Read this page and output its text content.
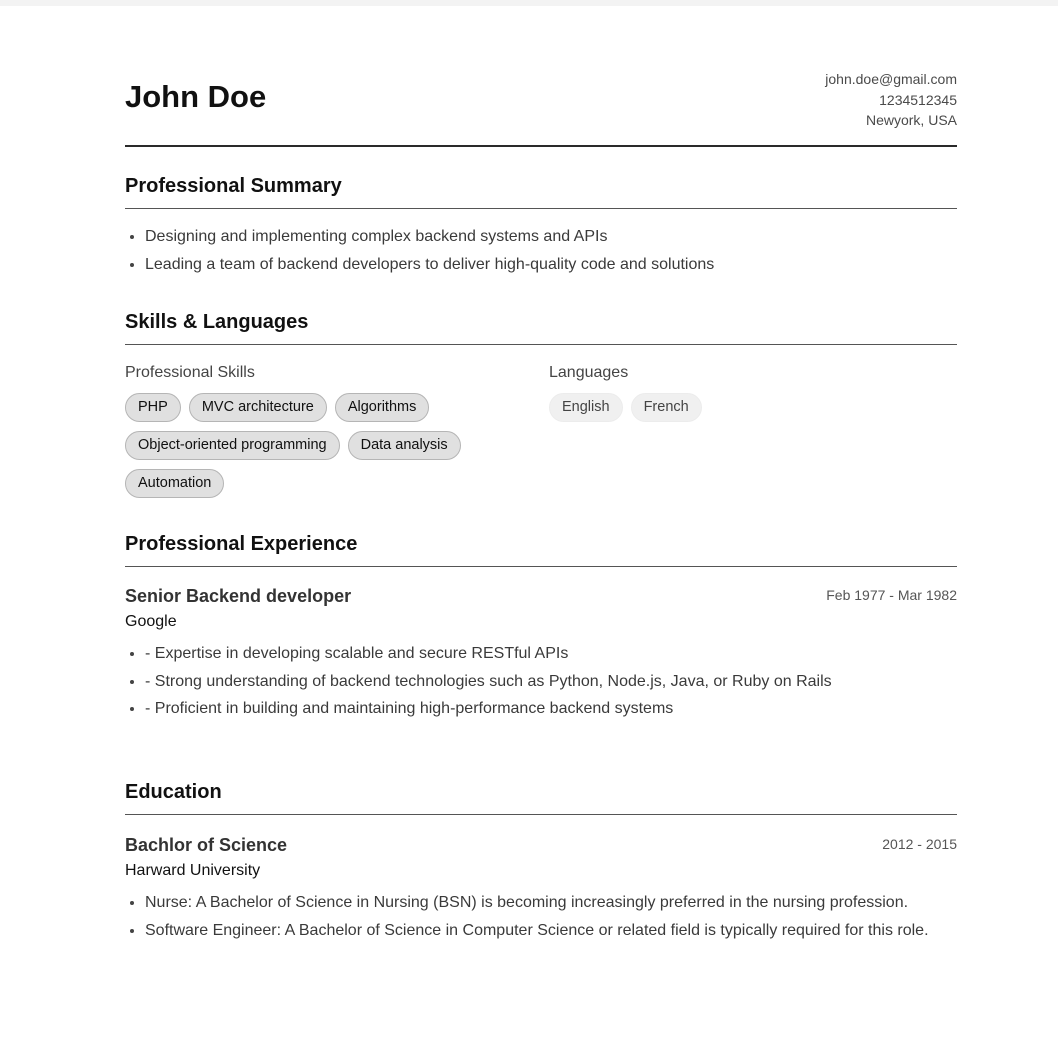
John Doe	john.doe@gmail.com
1234512345
Newyork, USA
Professional Summary
Designing and implementing complex backend systems and APIs
Leading a team of backend developers to deliver high-quality code and solutions
Skills & Languages
Professional Skills
PHP	MVC architecture	Algorithms
Object-oriented programming	Data analysis
Automation
Languages
English	French
Professional Experience
Senior Backend developer	Feb 1977 - Mar 1982
Google
- Expertise in developing scalable and secure RESTful APIs
- Strong understanding of backend technologies such as Python, Node.js, Java, or Ruby on Rails
- Proficient in building and maintaining high-performance backend systems
Education
Bachlor of Science	2012 - 2015
Harward University
Nurse: A Bachelor of Science in Nursing (BSN) is becoming increasingly preferred in the nursing profession.
Software Engineer: A Bachelor of Science in Computer Science or related field is typically required for this role.
